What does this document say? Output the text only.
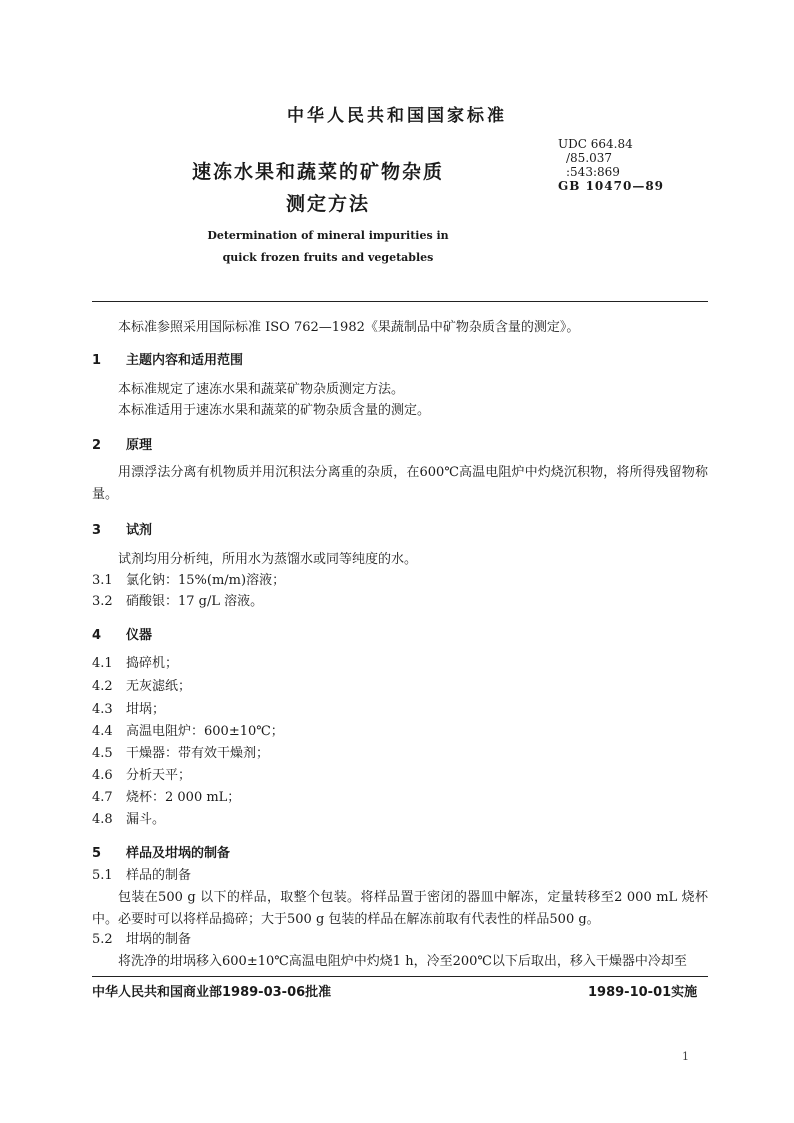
中华人民共和国国家标准
速冻水果和蔬菜的矿物杂质
测定方法
Determination of mineral impurities in
quick frozen fruits and vegetables
UDC 664.84
/85.037
:543:869
GB 10470—89
本标准参照采用国际标准 ISO 762—1982《果蔬制品中矿物杂质含量的测定》。
1 主题内容和适用范围
本标准规定了速冻水果和蔬菜矿物杂质测定方法。
本标准适用于速冻水果和蔬菜的矿物杂质含量的测定。
2 原理
用漂浮法分离有机物质并用沉积法分离重的杂质，在600℃高温电阻炉中灼烧沉积物，将所得残留物称量。
3 试剂
试剂均用分析纯，所用水为蒸馏水或同等纯度的水。
3.1 氯化钠：15%(m/m)溶液；
3.2 硝酸银：17 g/L 溶液。
4 仪器
4.1 捣碎机；
4.2 无灰滤纸；
4.3 坩埚；
4.4 高温电阻炉：600±10℃；
4.5 干燥器：带有效干燥剂；
4.6 分析天平；
4.7 烧杯：2 000 mL；
4.8 漏斗。
5 样品及坩埚的制备
5.1 样品的制备
包装在500 g 以下的样品，取整个包装。将样品置于密闭的器皿中解冻，定量转移至2 000 mL 烧杯中。必要时可以将样品捣碎；大于500 g 包装的样品在解冻前取有代表性的样品500 g。
5.2 坩埚的制备
将洗净的坩埚移入600±10℃高温电阻炉中灼烧1 h，冷至200℃以下后取出，移入干燥器中冷却至
中华人民共和国商业部1989-03-06批准	1989-10-01实施
1
